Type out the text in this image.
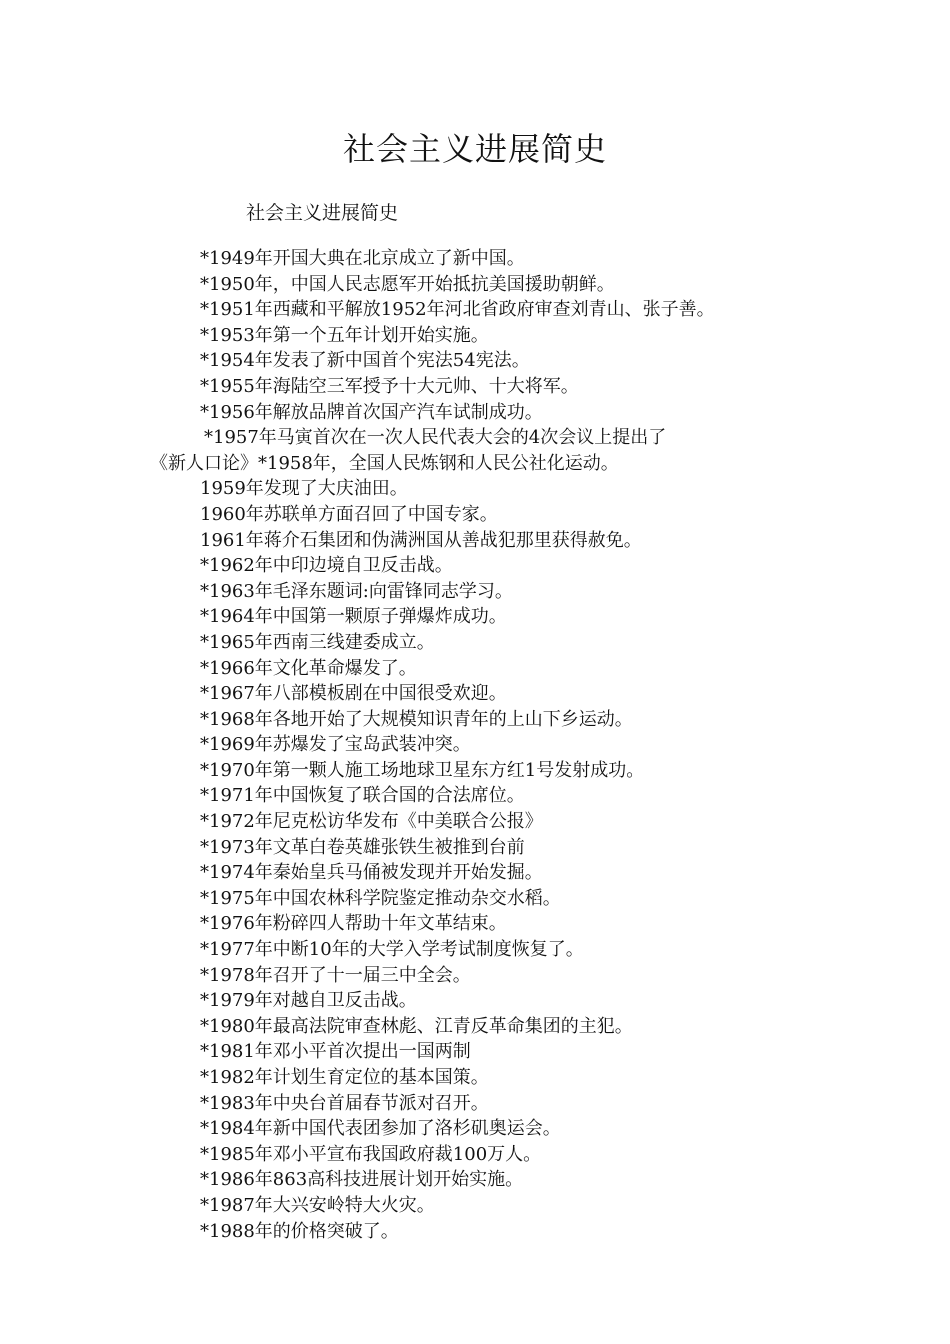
社会主义进展简史

社会主义进展简史

*1949年开国大典在北京成立了新中国。
*1950年，中国人民志愿军开始抵抗美国援助朝鲜。
*1951年西藏和平解放1952年河北省政府审查刘青山、张子善。
*1953年第一个五年计划开始实施。
*1954年发表了新中国首个宪法54宪法。
*1955年海陆空三军授予十大元帅、十大将军。
*1956年解放品牌首次国产汽车试制成功。
*1957年马寅首次在一次人民代表大会的4次会议上提出了
《新人口论》*1958年，全国人民炼钢和人民公社化运动。
1959年发现了大庆油田。
1960年苏联单方面召回了中国专家。
1961年蒋介石集团和伪满洲国从善战犯那里获得赦免。
*1962年中印边境自卫反击战。
*1963年毛泽东题词:向雷锋同志学习。
*1964年中国第一颗原子弹爆炸成功。
*1965年西南三线建委成立。
*1966年文化革命爆发了。
*1967年八部模板剧在中国很受欢迎。
*1968年各地开始了大规模知识青年的上山下乡运动。
*1969年苏爆发了宝岛武装冲突。
*1970年第一颗人施工场地球卫星东方红1号发射成功。
*1971年中国恢复了联合国的合法席位。
*1972年尼克松访华发布《中美联合公报》
*1973年文革白卷英雄张铁生被推到台前
*1974年秦始皇兵马俑被发现并开始发掘。
*1975年中国农林科学院鉴定推动杂交水稻。
*1976年粉碎四人帮助十年文革结束。
*1977年中断10年的大学入学考试制度恢复了。
*1978年召开了十一届三中全会。
*1979年对越自卫反击战。
*1980年最高法院审查林彪、江青反革命集团的主犯。
*1981年邓小平首次提出一国两制
*1982年计划生育定位的基本国策。
*1983年中央台首届春节派对召开。
*1984年新中国代表团参加了洛杉矶奥运会。
*1985年邓小平宣布我国政府裁100万人。
*1986年863高科技进展计划开始实施。
*1987年大兴安岭特大火灾。
*1988年的价格突破了。
